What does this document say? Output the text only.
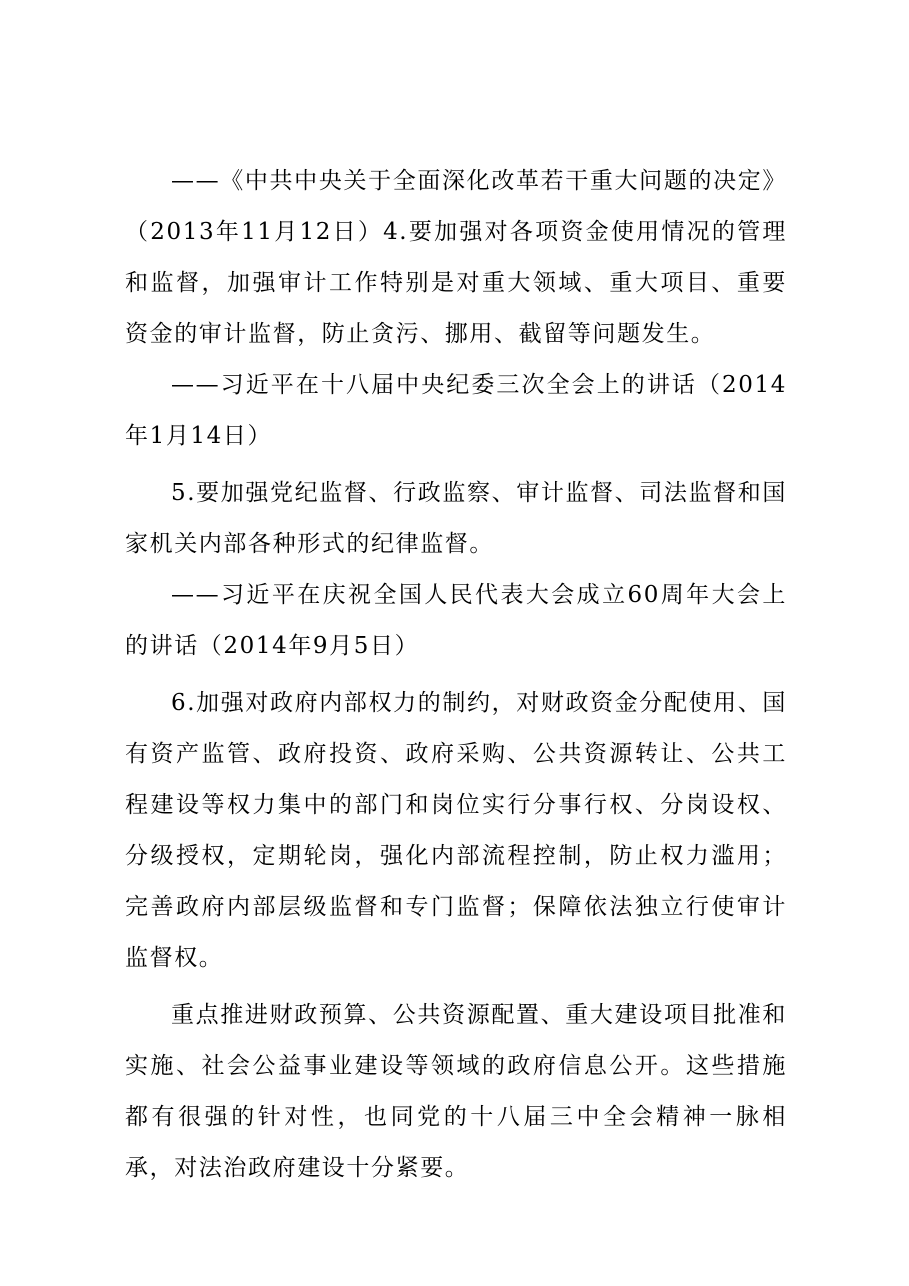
——《中共中央关于全面深化改革若干重大问题的决定》（2013年11月12日）4.要加强对各项资金使用情况的管理和监督，加强审计工作特别是对重大领域、重大项目、重要资金的审计监督，防止贪污、挪用、截留等问题发生。

——习近平在十八届中央纪委三次全会上的讲话（2014年1月14日）

5.要加强党纪监督、行政监察、审计监督、司法监督和国家机关内部各种形式的纪律监督。

——习近平在庆祝全国人民代表大会成立60周年大会上的讲话（2014年9月5日）

6.加强对政府内部权力的制约，对财政资金分配使用、国有资产监管、政府投资、政府采购、公共资源转让、公共工程建设等权力集中的部门和岗位实行分事行权、分岗设权、分级授权，定期轮岗，强化内部流程控制，防止权力滥用；完善政府内部层级监督和专门监督；保障依法独立行使审计监督权。

重点推进财政预算、公共资源配置、重大建设项目批准和实施、社会公益事业建设等领域的政府信息公开。这些措施都有很强的针对性，也同党的十八届三中全会精神一脉相承，对法治政府建设十分紧要。
